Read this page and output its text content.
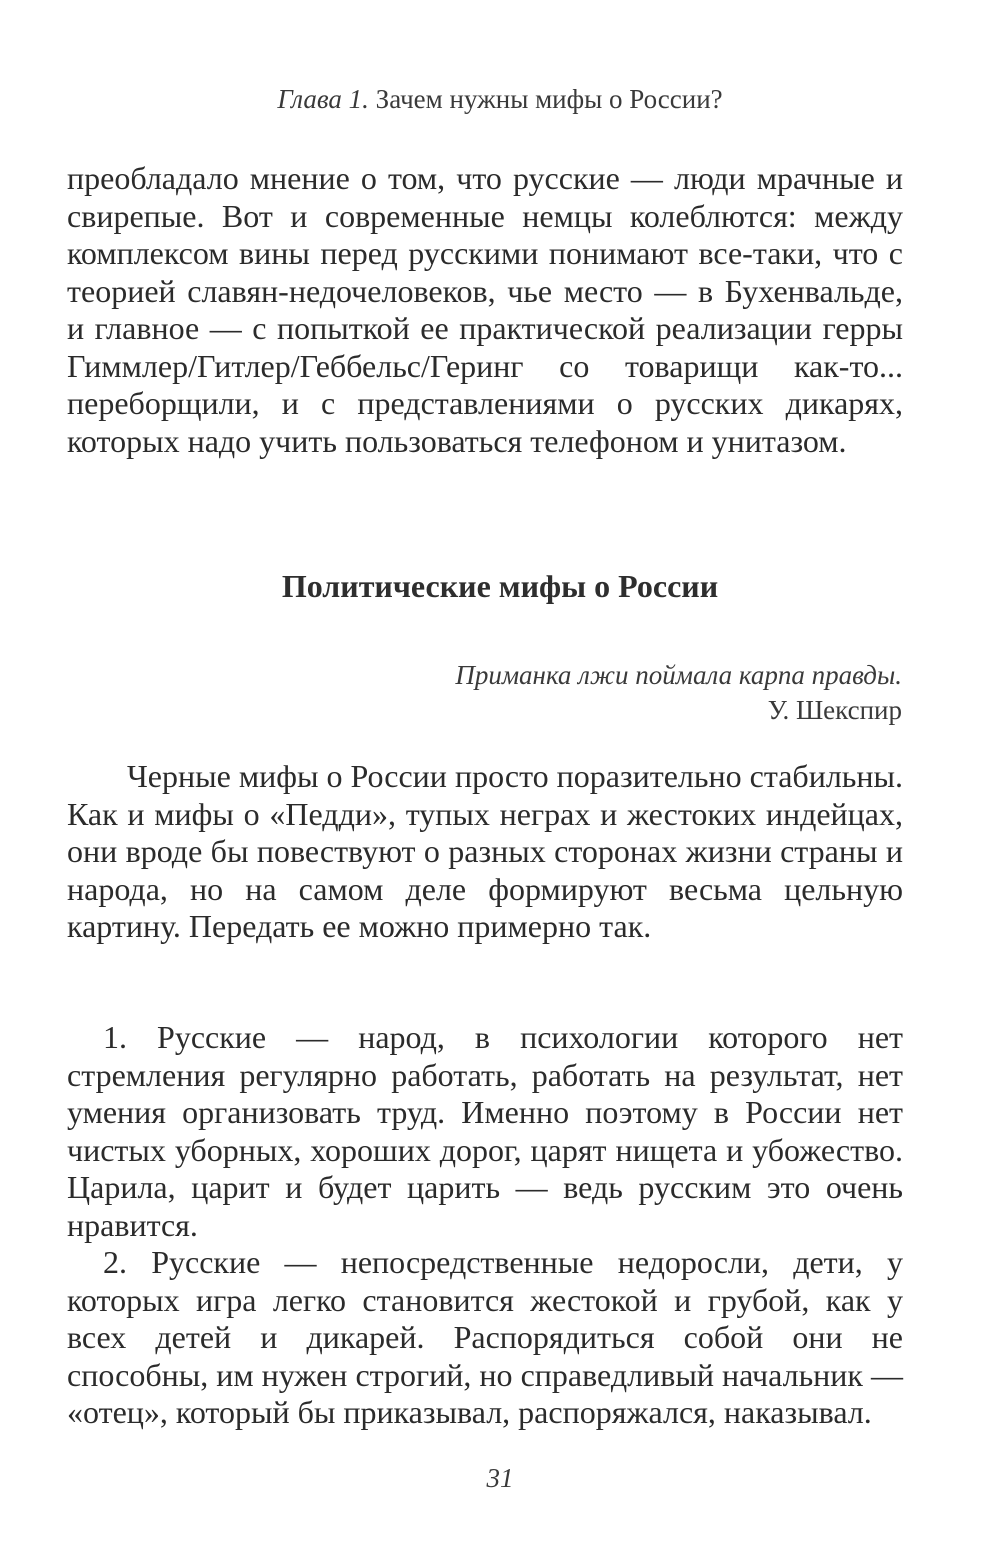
Глава 1. Зачем нужны мифы о России?

преобладало мнение о том, что русские — люди мрачные и свирепые. Вот и современные немцы колеблются: между комплексом вины перед русскими понимают все-таки, что с теорией славян-недочеловеков, чье место — в Бухенвальде, и главное — с попыткой ее практической реализации герры Гиммлер/Гитлер/Геббельс/Геринг со товарищи как-то... переборщили, и с представлениями о русских дикарях, которых надо учить пользоваться телефоном и унитазом.

Политические мифы о России
Приманка лжи поймала карпа правды.
У. Шекспир

Черные мифы о России просто поразительно стабильны. Как и мифы о «Педди», тупых неграх и жестоких индейцах, они вроде бы повествуют о разных сторонах жизни страны и народа, но на самом деле формируют весьма цельную картину. Передать ее можно примерно так.

1. Русские — народ, в психологии которого нет стремления регулярно работать, работать на результат, нет умения организовать труд. Именно поэтому в России нет чистых уборных, хороших дорог, царят нищета и убожество. Царила, царит и будет царить — ведь русским это очень нравится.

2. Русские — непосредственные недоросли, дети, у которых игра легко становится жестокой и грубой, как у всех детей и дикарей. Распорядиться собой они не способны, им нужен строгий, но справедливый начальник — «отец», который бы приказывал, распоряжался, наказывал.

31
